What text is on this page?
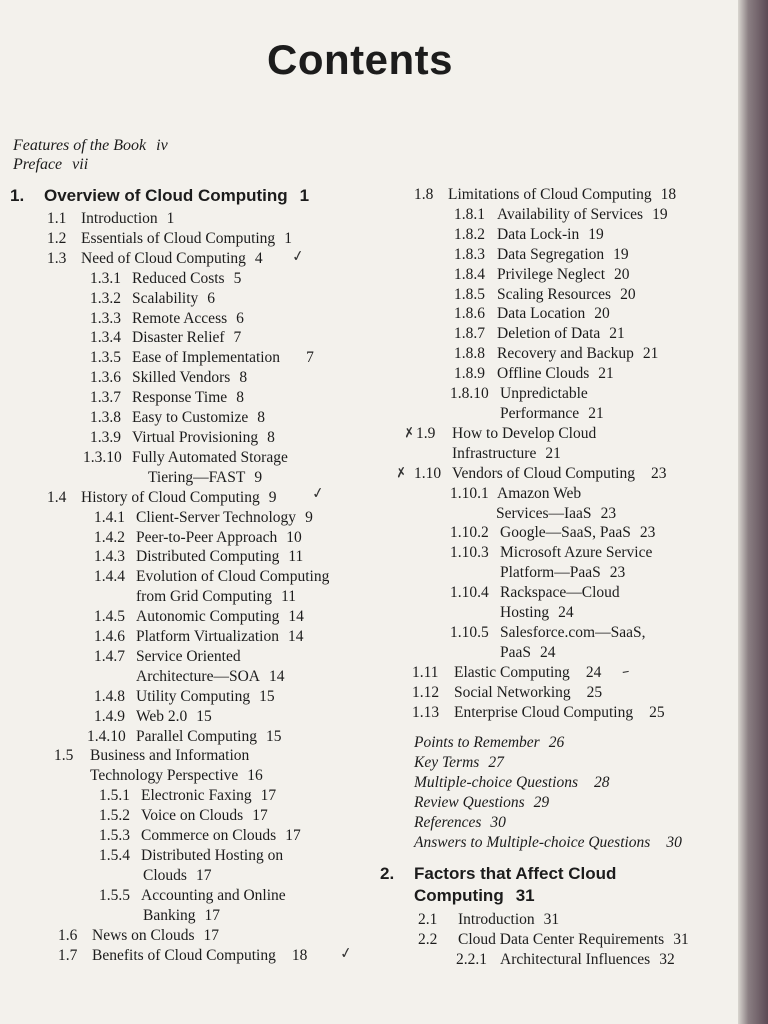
Contents
Features of the Book iv
Preface vii
1. Overview of Cloud Computing 1
1.1 Introduction 1
1.2 Essentials of Cloud Computing 1
1.3 Need of Cloud Computing 4 ✓
1.3.1 Reduced Costs 5
1.3.2 Scalability 6
1.3.3 Remote Access 6
1.3.4 Disaster Relief 7
1.3.5 Ease of Implementation 7
1.3.6 Skilled Vendors 8
1.3.7 Response Time 8
1.3.8 Easy to Customize 8
1.3.9 Virtual Provisioning 8
1.3.10 Fully Automated Storage
Tiering—FAST 9
1.4 History of Cloud Computing 9 ✓
1.4.1 Client-Server Technology 9
1.4.2 Peer-to-Peer Approach 10
1.4.3 Distributed Computing 11
1.4.4 Evolution of Cloud Computing
from Grid Computing 11
1.4.5 Autonomic Computing 14
1.4.6 Platform Virtualization 14
1.4.7 Service Oriented
Architecture—SOA 14
1.4.8 Utility Computing 15
1.4.9 Web 2.0 15
1.4.10 Parallel Computing 15
1.5 Business and Information
Technology Perspective 16
1.5.1 Electronic Faxing 17
1.5.2 Voice on Clouds 17
1.5.3 Commerce on Clouds 17
1.5.4 Distributed Hosting on
Clouds 17
1.5.5 Accounting and Online
Banking 17
1.6 News on Clouds 17
1.7 Benefits of Cloud Computing 18 ✓
1.8 Limitations of Cloud Computing 18
1.8.1 Availability of Services 19
1.8.2 Data Lock-in 19
1.8.3 Data Segregation 19
1.8.4 Privilege Neglect 20
1.8.5 Scaling Resources 20
1.8.6 Data Location 20
1.8.7 Deletion of Data 21
1.8.8 Recovery and Backup 21
1.8.9 Offline Clouds 21
1.8.10 Unpredictable
Performance 21
✗ 1.9 How to Develop Cloud
Infrastructure 21
✗ 1.10 Vendors of Cloud Computing 23
1.10.1 Amazon Web
Services—IaaS 23
1.10.2 Google—SaaS, PaaS 23
1.10.3 Microsoft Azure Service
Platform—PaaS 23
1.10.4 Rackspace—Cloud
Hosting 24
1.10.5 Salesforce.com—SaaS,
PaaS 24
1.11 Elastic Computing 24 –
1.12 Social Networking 25
1.13 Enterprise Cloud Computing 25
Points to Remember 26
Key Terms 27
Multiple-choice Questions 28
Review Questions 29
References 30
Answers to Multiple-choice Questions 30
2. Factors that Affect Cloud
Computing 31
2.1 Introduction 31
2.2 Cloud Data Center Requirements 31
2.2.1 Architectural Influences 32
